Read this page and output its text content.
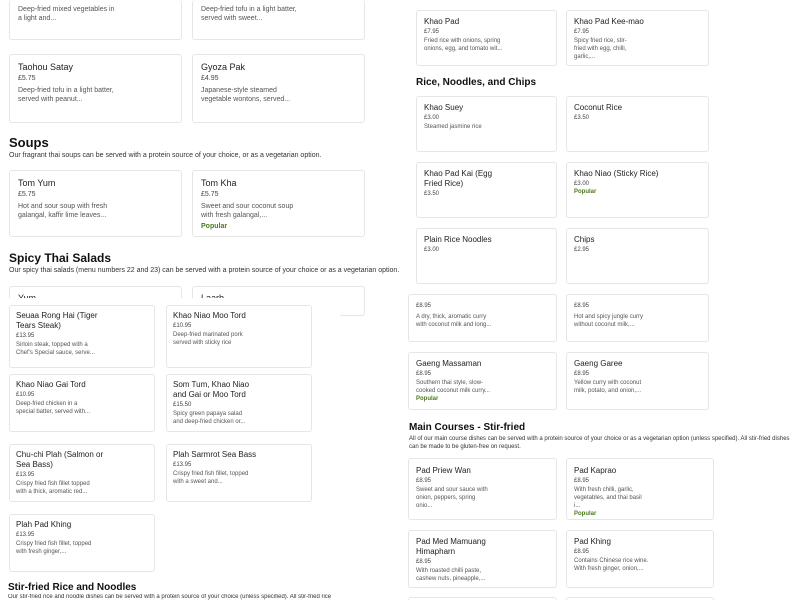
Deep-fried mixed vegetables in a light and...
Deep-fried tofu in a light batter, served with sweet...
Taohou Satay
£5.75
Deep-fried tofu in a light batter, served with peanut...
Gyoza Pak
£4.95
Japanese-style steamed vegetable wontons, served...
Soups
Our fragrant thai soups can be served with a protein source of your choice, or as a vegetarian option.
Tom Yum
£5.75
Hot and sour soup with fresh galangal, kaffir lime leaves...
Tom Kha
£5.75
Sweet and sour coconut soup with fresh galangal,...
Popular
Spicy Thai Salads
Our spicy thai salads (menu numbers 22 and 23) can be served with a protein source of your choice or as a vegetarian option.
Seuaa Rong Hai (Tiger Tears Steak)
£13.95
Sirloin steak, topped with a Chef's Special sauce, serve...
Khao Niao Moo Tord
£10.95
Deep-fried marinated pork served with sticky rice
Khao Niao Gai Tord
£10.95
Deep-fried chicken in a special batter, served with...
Som Tum, Khao Niao and Gai or Moo Tord
£15.50
Spicy green papaya salad and deep-fried chicken or...
Chu-chi Plah (Salmon or Sea Bass)
£13.95
Crispy fried fish fillet topped with a thick, aromatic red...
Plah Sarmrot Sea Bass
£13.95
Crispy fried fish fillet, topped with a sweet and...
Plah Pad Khing
£13.95
Crispy fried fish fillet, topped with fresh ginger,...
Stir-fried Rice and Noodles
Our stir-fried rice and noodle dishes can be served with a protein source of your choice (unless specified). All stir-fried rice
Khao Pad
£7.95
Fried rice with onions, spring onions, egg, and tomato wit...
Khao Pad Kee-mao
£7.95
Spicy fried rice, stir-fried with egg, chilli, garlic,...
Rice, Noodles, and Chips
Khao Suey
£3.00
Steamed jasmine rice
Coconut Rice
£3.50
Khao Pad Kai (Egg Fried Rice)
£3.50
Khao Niao (Sticky Rice)
£3.00
Popular
Plain Rice Noodles
£3.00
Chips
£2.95
£8.95
A dry, thick, aromatic curry with coconut milk and long...
£8.95
Hot and spicy jungle curry without coconut milk,...
Gaeng Massaman
£8.95
Southern thai style, slow-cooked coconut milk curry...
Popular
Gaeng Garee
£8.95
Yellow curry with coconut milk, potato, and onion,...
Main Courses - Stir-fried
All of our main course dishes can be served with a protein source of your choice or as a vegetarian option (unless specified). All stir-fried dishes can be made to be gluten-free on request.
Pad Priew Wan
£8.95
Sweet and sour sauce with onion, peppers, spring onio...
Pad Kaprao
£8.95
With fresh chilli, garlic, vegetables, and thai basil i...
Popular
Pad Med Mamuang Himapharn
£8.95
With roasted chilli paste, cashew nuts, pineapple,...
Pad Khing
£8.95
Contains Chinese rice wine. With fresh ginger, onion,...
